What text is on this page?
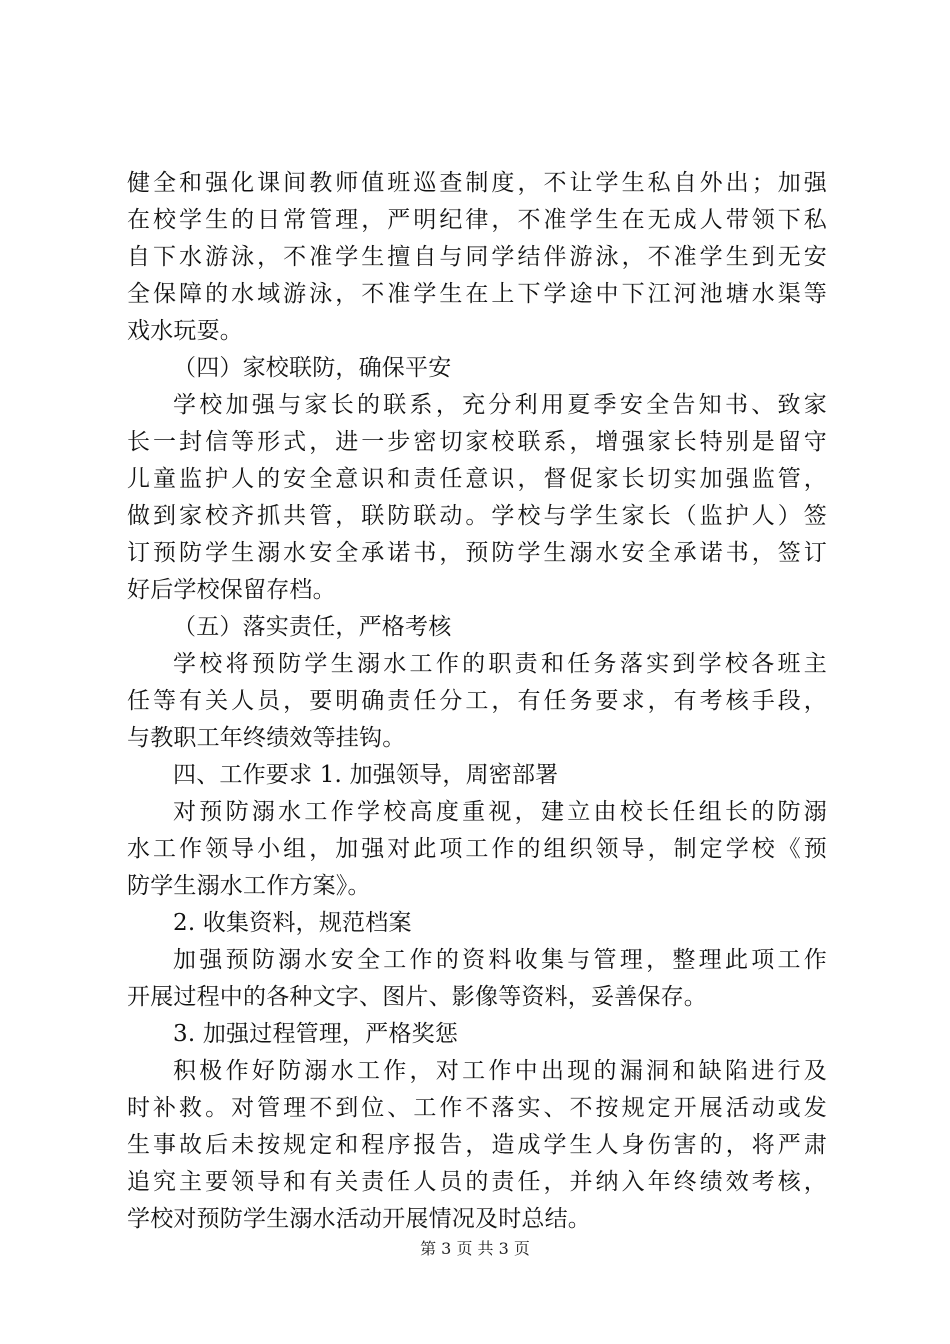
健全和强化课间教师值班巡查制度，不让学生私自外出；加强
在校学生的日常管理，严明纪律，不准学生在无成人带领下私
自下水游泳，不准学生擅自与同学结伴游泳，不准学生到无安
全保障的水域游泳，不准学生在上下学途中下江河池塘水渠等
戏水玩耍。
（四）家校联防，确保平安
学校加强与家长的联系，充分利用夏季安全告知书、致家
长一封信等形式，进一步密切家校联系，增强家长特别是留守
儿童监护人的安全意识和责任意识，督促家长切实加强监管，
做到家校齐抓共管，联防联动。学校与学生家长（监护人）签
订预防学生溺水安全承诺书，预防学生溺水安全承诺书，签订
好后学校保留存档。
（五）落实责任，严格考核
学校将预防学生溺水工作的职责和任务落实到学校各班主
任等有关人员，要明确责任分工，有任务要求，有考核手段，
与教职工年终绩效等挂钩。
四、工作要求 1. 加强领导，周密部署
对预防溺水工作学校高度重视，建立由校长任组长的防溺
水工作领导小组，加强对此项工作的组织领导，制定学校《预
防学生溺水工作方案》。
2. 收集资料，规范档案
加强预防溺水安全工作的资料收集与管理，整理此项工作
开展过程中的各种文字、图片、影像等资料，妥善保存。
3. 加强过程管理，严格奖惩
积极作好防溺水工作，对工作中出现的漏洞和缺陷进行及
时补救。对管理不到位、工作不落实、不按规定开展活动或发
生事故后未按规定和程序报告，造成学生人身伤害的，将严肃
追究主要领导和有关责任人员的责任，并纳入年终绩效考核，
学校对预防学生溺水活动开展情况及时总结。
第 3 页 共 3 页
